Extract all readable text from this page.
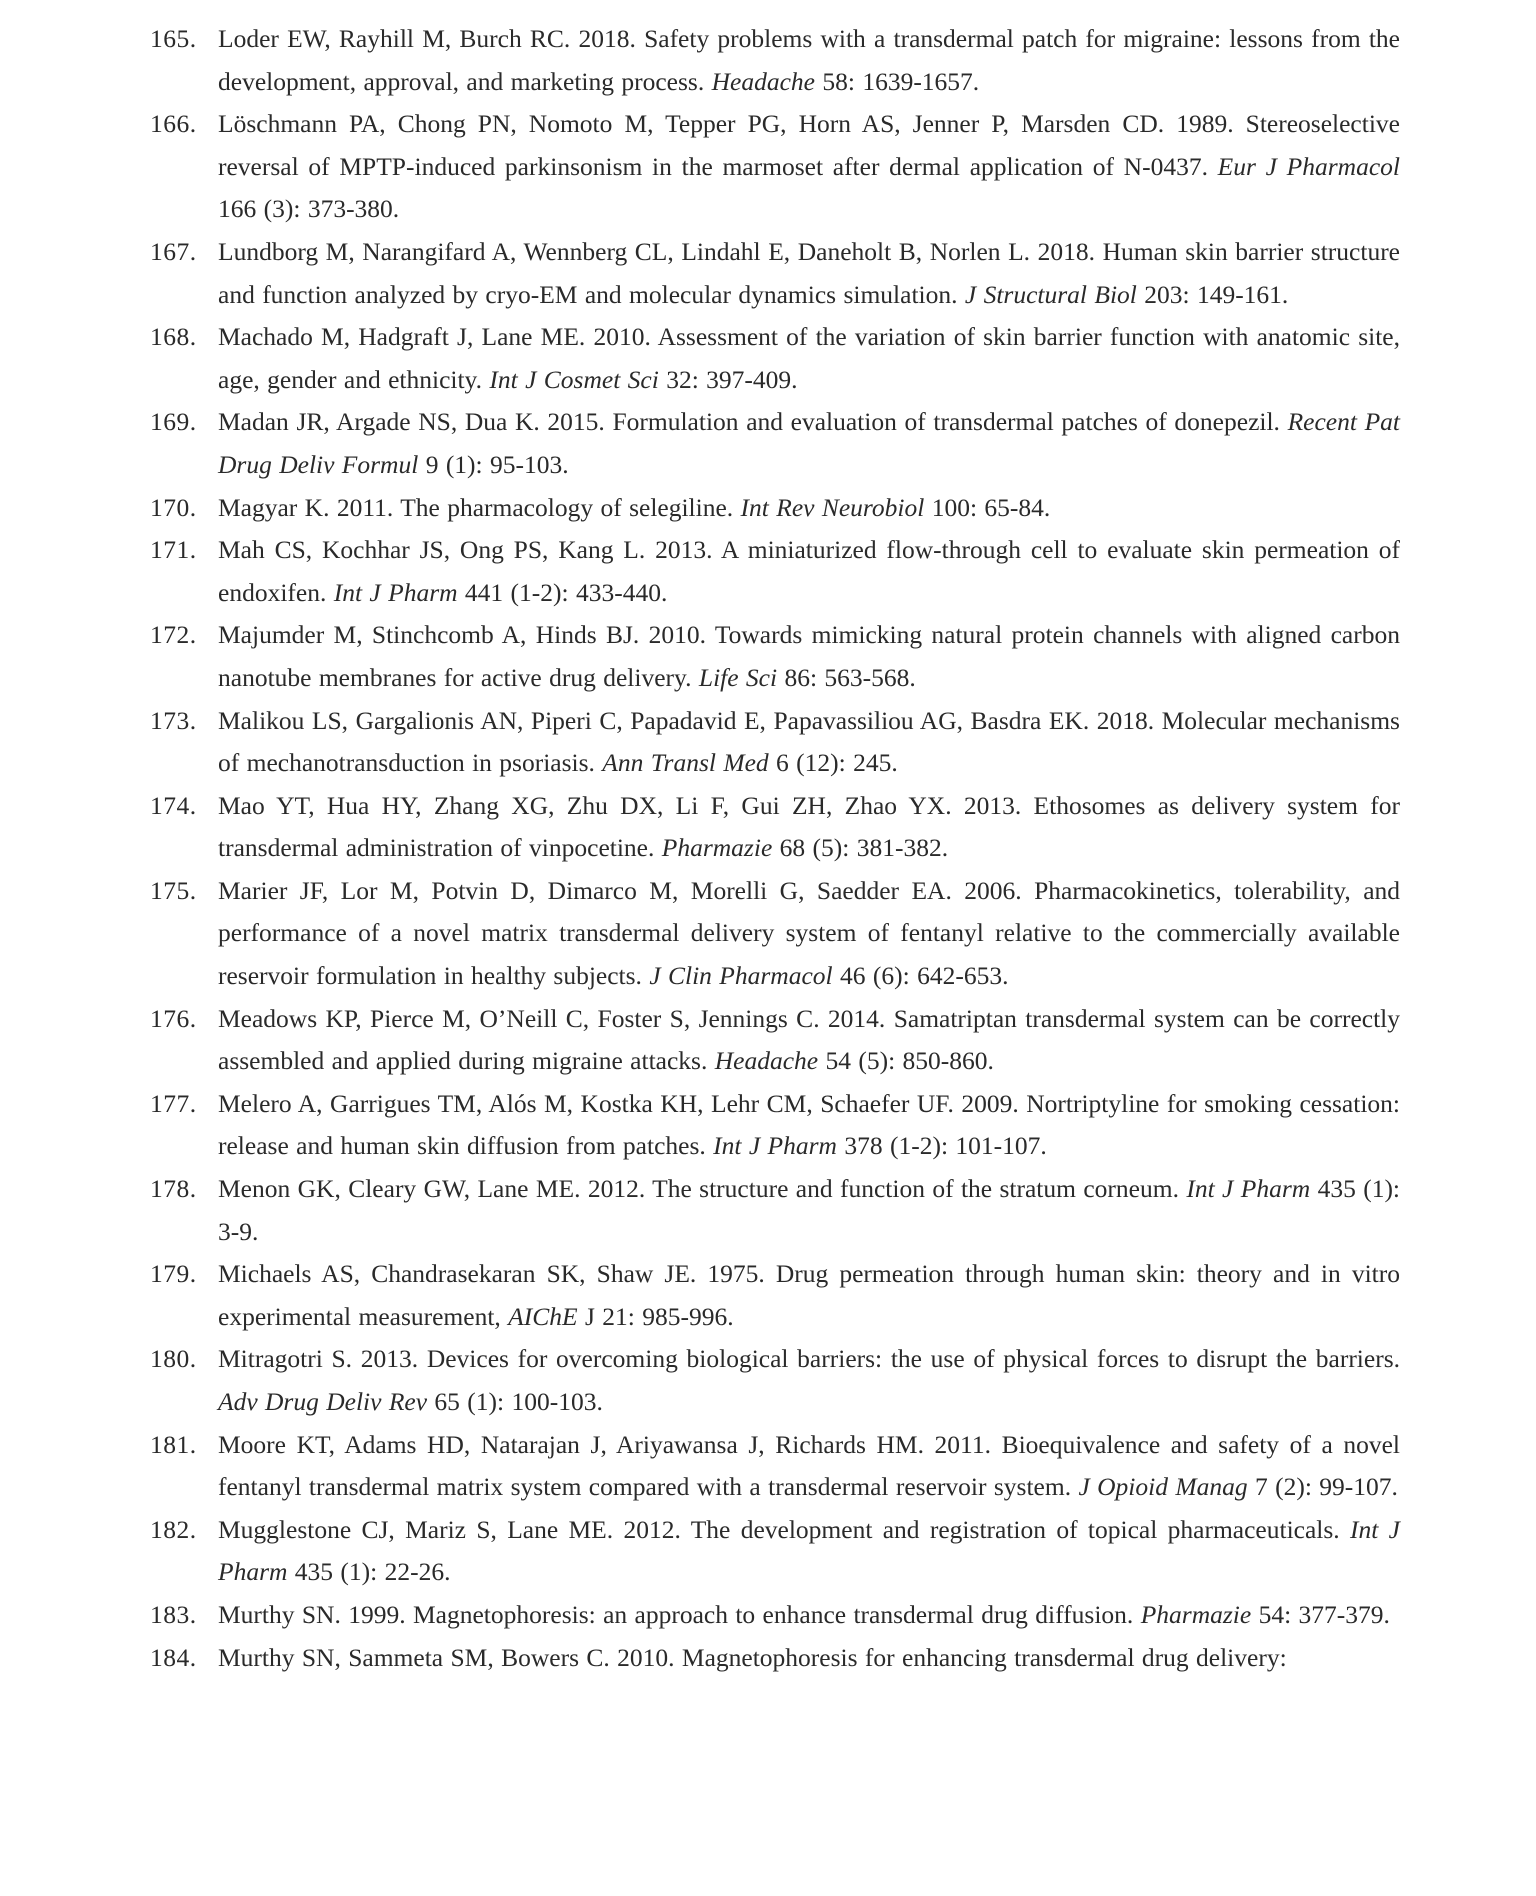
165. Loder EW, Rayhill M, Burch RC. 2018. Safety problems with a transdermal patch for migraine: lessons from the development, approval, and marketing process. Headache 58: 1639-1657.
166. Löschmann PA, Chong PN, Nomoto M, Tepper PG, Horn AS, Jenner P, Marsden CD. 1989. Stereoselective reversal of MPTP-induced parkinsonism in the marmoset after dermal application of N-0437. Eur J Pharmacol 166 (3): 373-380.
167. Lundborg M, Narangifard A, Wennberg CL, Lindahl E, Daneholt B, Norlen L. 2018. Human skin barrier structure and function analyzed by cryo-EM and molecular dynamics simulation. J Structural Biol 203: 149-161.
168. Machado M, Hadgraft J, Lane ME. 2010. Assessment of the variation of skin barrier function with anatomic site, age, gender and ethnicity. Int J Cosmet Sci 32: 397-409.
169. Madan JR, Argade NS, Dua K. 2015. Formulation and evaluation of transdermal patches of donepezil. Recent Pat Drug Deliv Formul 9 (1): 95-103.
170. Magyar K. 2011. The pharmacology of selegiline. Int Rev Neurobiol 100: 65-84.
171. Mah CS, Kochhar JS, Ong PS, Kang L. 2013. A miniaturized flow-through cell to evaluate skin permeation of endoxifen. Int J Pharm 441 (1-2): 433-440.
172. Majumder M, Stinchcomb A, Hinds BJ. 2010. Towards mimicking natural protein channels with aligned carbon nanotube membranes for active drug delivery. Life Sci 86: 563-568.
173. Malikou LS, Gargalionis AN, Piperi C, Papadavid E, Papavassiliou AG, Basdra EK. 2018. Molecular mechanisms of mechanotransduction in psoriasis. Ann Transl Med 6 (12): 245.
174. Mao YT, Hua HY, Zhang XG, Zhu DX, Li F, Gui ZH, Zhao YX. 2013. Ethosomes as delivery system for transdermal administration of vinpocetine. Pharmazie 68 (5): 381-382.
175. Marier JF, Lor M, Potvin D, Dimarco M, Morelli G, Saedder EA. 2006. Pharmacokinetics, tolerability, and performance of a novel matrix transdermal delivery system of fentanyl relative to the commercially available reservoir formulation in healthy subjects. J Clin Pharmacol 46 (6): 642-653.
176. Meadows KP, Pierce M, O’Neill C, Foster S, Jennings C. 2014. Samatriptan transdermal system can be correctly assembled and applied during migraine attacks. Headache 54 (5): 850-860.
177. Melero A, Garrigues TM, Alós M, Kostka KH, Lehr CM, Schaefer UF. 2009. Nortriptyline for smoking cessation: release and human skin diffusion from patches. Int J Pharm 378 (1-2): 101-107.
178. Menon GK, Cleary GW, Lane ME. 2012. The structure and function of the stratum corneum. Int J Pharm 435 (1): 3-9.
179. Michaels AS, Chandrasekaran SK, Shaw JE. 1975. Drug permeation through human skin: theory and in vitro experimental measurement, AIChE J 21: 985-996.
180. Mitragotri S. 2013. Devices for overcoming biological barriers: the use of physical forces to disrupt the barriers. Adv Drug Deliv Rev 65 (1): 100-103.
181. Moore KT, Adams HD, Natarajan J, Ariyawansa J, Richards HM. 2011. Bioequivalence and safety of a novel fentanyl transdermal matrix system compared with a transdermal reservoir system. J Opioid Manag 7 (2): 99-107.
182. Mugglestone CJ, Mariz S, Lane ME. 2012. The development and registration of topical pharmaceuticals. Int J Pharm 435 (1): 22-26.
183. Murthy SN. 1999. Magnetophoresis: an approach to enhance transdermal drug diffusion. Pharmazie 54: 377-379.
184. Murthy SN, Sammeta SM, Bowers C. 2010. Magnetophoresis for enhancing transdermal drug delivery:
